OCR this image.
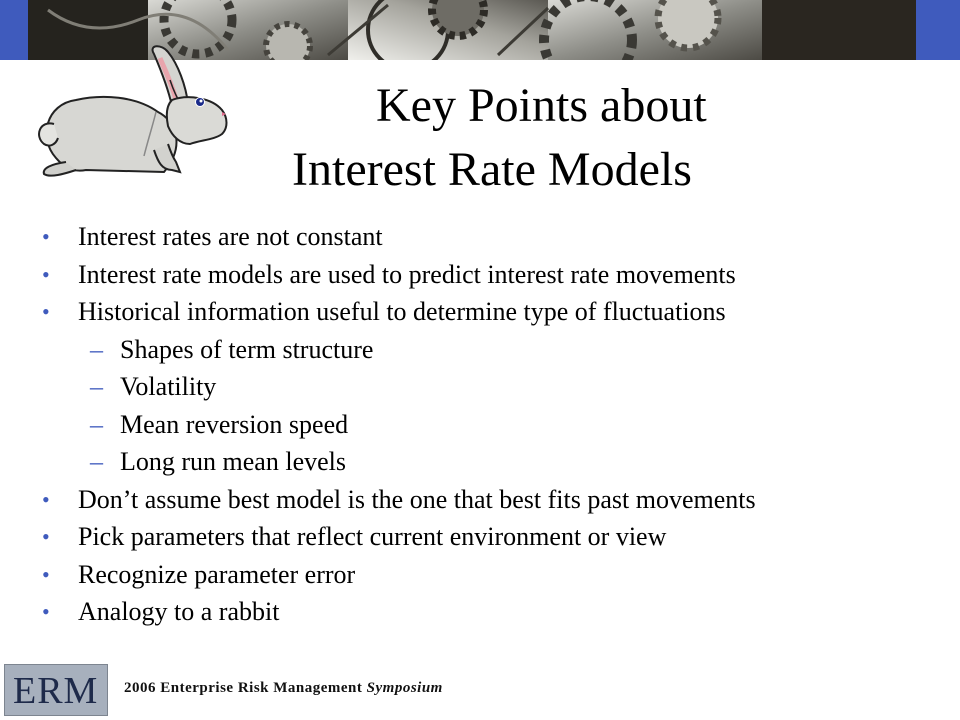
Key Points about
Interest Rate Models
• Interest rates are not constant
• Interest rate models are used to predict interest rate movements
• Historical information useful to determine type of fluctuations
– Shapes of term structure
– Volatility
– Mean reversion speed
– Long run mean levels
• Don’t assume best model is the one that best fits past movements
• Pick parameters that reflect current environment or view
• Recognize parameter error
• Analogy to a rabbit
ERM 2006 Enterprise Risk Management Symposium
